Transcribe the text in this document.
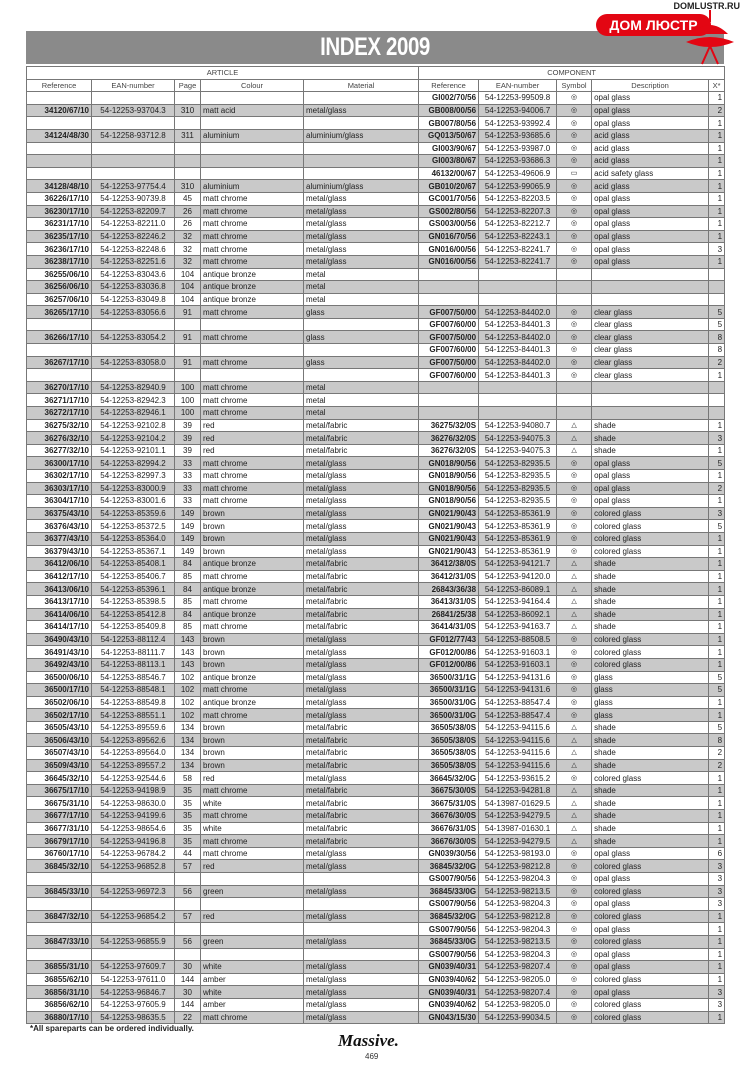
INDEX 2009
DOMLUSTR.RU
ДОМ ЛЮСТР
ARTICLE					COMPONENT				
Reference	EAN-number	Page	Colour	Material	Reference	EAN-number	Symbol	Description	X*
					GI002/70/56	54-12253-99509.8	◎	opal glass	1
34120/67/10	54-12253-93704.3	310	matt acid	metal/glass	GB008/00/56	54-12253-94006.7	◎	opal glass	2
					GB007/80/56	54-12253-93992.4	◎	opal glass	1
34124/48/30	54-12258-93712.8	311	aluminium	aluminium/glass	GQ013/50/67	54-12253-93685.6	◎	acid glass	1
					GI003/90/67	54-12253-93987.0	◎	acid glass	1
					GI003/80/67	54-12253-93686.3	◎	acid glass	1
					46132/00/67	54-12253-49606.9	▭	acid safety glass	1
34128/48/10	54-12253-97754.4	310	aluminium	aluminium/glass	GB010/20/67	54-12253-99065.9	◎	acid glass	1
36226/17/10	54-12253-90739.8	45	matt chrome	metal/glass	GC001/70/56	54-12253-82203.5	◎	opal glass	1
36230/17/10	54-12253-82209.7	26	matt chrome	metal/glass	GS002/80/56	54-12253-82207.3	◎	opal glass	1
36231/17/10	54-12253-82211.0	26	matt chrome	metal/glass	GS003/00/56	54-12253-82212.7	◎	opal glass	1
36235/17/10	54-12253-82246.2	32	matt chrome	metal/glass	GN016/70/56	54-12253-82243.1	◎	opal glass	1
36236/17/10	54-12253-82248.6	32	matt chrome	metal/glass	GN016/00/56	54-12253-82241.7	◎	opal glass	3
36238/17/10	54-12253-82251.6	32	matt chrome	metal/glass	GN016/00/56	54-12253-82241.7	◎	opal glass	1
36255/06/10	54-12253-83043.6	104	antique bronze	metal					
36256/06/10	54-12253-83036.8	104	antique bronze	metal					
36257/06/10	54-12253-83049.8	104	antique bronze	metal					
36265/17/10	54-12253-83056.6	91	matt chrome	glass	GF007/50/00	54-12253-84402.0	◎	clear glass	5
					GF007/60/00	54-12253-84401.3	◎	clear glass	5
36266/17/10	54-12253-83054.2	91	matt chrome	glass	GF007/50/00	54-12253-84402.0	◎	clear glass	8
					GF007/60/00	54-12253-84401.3	◎	clear glass	8
36267/17/10	54-12253-83058.0	91	matt chrome	glass	GF007/50/00	54-12253-84402.0	◎	clear glass	2
					GF007/60/00	54-12253-84401.3	◎	clear glass	1
36270/17/10	54-12253-82940.9	100	matt chrome	metal					
36271/17/10	54-12253-82942.3	100	matt chrome	metal					
36272/17/10	54-12253-82946.1	100	matt chrome	metal					
36275/32/10	54-12253-92102.8	39	red	metal/fabric	36275/32/0S	54-12253-94080.7	△	shade	1
36276/32/10	54-12253-92104.2	39	red	metal/fabric	36276/32/0S	54-12253-94075.3	△	shade	3
36277/32/10	54-12253-92101.1	39	red	metal/fabric	36276/32/0S	54-12253-94075.3	△	shade	1
36300/17/10	54-12253-82994.2	33	matt chrome	metal/glass	GN018/90/56	54-12253-82935.5	◎	opal glass	5
36302/17/10	54-12253-82997.3	33	matt chrome	metal/glass	GN018/90/56	54-12253-82935.5	◎	opal glass	1
36303/17/10	54-12253-83000.9	33	matt chrome	metal/glass	GN018/90/56	54-12253-82935.5	◎	opal glass	2
36304/17/10	54-12253-83001.6	33	matt chrome	metal/glass	GN018/90/56	54-12253-82935.5	◎	opal glass	1
36375/43/10	54-12253-85359.6	149	brown	metal/glass	GN021/90/43	54-12253-85361.9	◎	colored glass	3
36376/43/10	54-12253-85372.5	149	brown	metal/glass	GN021/90/43	54-12253-85361.9	◎	colored glass	5
36377/43/10	54-12253-85364.0	149	brown	metal/glass	GN021/90/43	54-12253-85361.9	◎	colored glass	1
36379/43/10	54-12253-85367.1	149	brown	metal/glass	GN021/90/43	54-12253-85361.9	◎	colored glass	1
36412/06/10	54-12253-85408.1	84	antique bronze	metal/fabric	36412/38/0S	54-12253-94121.7	△	shade	1
36412/17/10	54-12253-85406.7	85	matt chrome	metal/fabric	36412/31/0S	54-12253-94120.0	△	shade	1
36413/06/10	54-12253-85396.1	84	antique bronze	metal/fabric	26843/36/38	54-12253-86089.1	△	shade	1
36413/17/10	54-12253-85398.5	85	matt chrome	metal/fabric	36413/31/0S	54-12253-94164.4	△	shade	1
36414/06/10	54-12253-85412.8	84	antique bronze	metal/fabric	26841/25/38	54-12253-86092.1	△	shade	1
36414/17/10	54-12253-85409.8	85	matt chrome	metal/fabric	36414/31/0S	54-12253-94163.7	△	shade	1
36490/43/10	54-12253-88112.4	143	brown	metal/glass	GF012/77/43	54-12253-88508.5	◎	colored glass	1
36491/43/10	54-12253-88111.7	143	brown	metal/glass	GF012/00/86	54-12253-91603.1	◎	colored glass	1
36492/43/10	54-12253-88113.1	143	brown	metal/glass	GF012/00/86	54-12253-91603.1	◎	colored glass	1
36500/06/10	54-12253-88546.7	102	antique bronze	metal/glass	36500/31/1G	54-12253-94131.6	◎	glass	5
36500/17/10	54-12253-88548.1	102	matt chrome	metal/glass	36500/31/1G	54-12253-94131.6	◎	glass	5
36502/06/10	54-12253-88549.8	102	antique bronze	metal/glass	36500/31/0G	54-12253-88547.4	◎	glass	1
36502/17/10	54-12253-88551.1	102	matt chrome	metal/glass	36500/31/0G	54-12253-88547.4	◎	glass	1
36505/43/10	54-12253-89559.6	134	brown	metal/fabric	36505/38/0S	54-12253-94115.6	△	shade	5
36506/43/10	54-12253-89562.6	134	brown	metal/fabric	36505/38/0S	54-12253-94115.6	△	shade	8
36507/43/10	54-12253-89564.0	134	brown	metal/fabric	36505/38/0S	54-12253-94115.6	△	shade	2
36509/43/10	54-12253-89557.2	134	brown	metal/fabric	36505/38/0S	54-12253-94115.6	△	shade	2
36645/32/10	54-12253-92544.6	58	red	metal/glass	36645/32/0G	54-12253-93615.2	◎	colored glass	1
36675/17/10	54-12253-94198.9	35	matt chrome	metal/fabric	36675/30/0S	54-12253-94281.8	△	shade	1
36675/31/10	54-12253-98630.0	35	white	metal/fabric	36675/31/0S	54-13987-01629.5	△	shade	1
36677/17/10	54-12253-94199.6	35	matt chrome	metal/fabric	36676/30/0S	54-12253-94279.5	△	shade	1
36677/31/10	54-12253-98654.6	35	white	metal/fabric	36676/31/0S	54-13987-01630.1	△	shade	1
36679/17/10	54-12253-94196.8	35	matt chrome	metal/fabric	36676/30/0S	54-12253-94279.5	△	shade	1
36760/17/10	54-12253-96784.2	44	matt chrome	metal/glass	GN039/30/56	54-12253-98193.0	◎	opal glass	6
36845/32/10	54-12253-96852.8	57	red	metal/glass	36845/32/0G	54-12253-98212.8	◎	colored glass	3
					GS007/90/56	54-12253-98204.3	◎	opal glass	3
36845/33/10	54-12253-96972.3	56	green	metal/glass	36845/33/0G	54-12253-98213.5	◎	colored glass	3
					GS007/90/56	54-12253-98204.3	◎	opal glass	3
36847/32/10	54-12253-96854.2	57	red	metal/glass	36845/32/0G	54-12253-98212.8	◎	colored glass	1
					GS007/90/56	54-12253-98204.3	◎	opal glass	1
36847/33/10	54-12253-96855.9	56	green	metal/glass	36845/33/0G	54-12253-98213.5	◎	colored glass	1
					GS007/90/56	54-12253-98204.3	◎	opal glass	1
36855/31/10	54-12253-97609.7	30	white	metal/glass	GN039/40/31	54-12253-98207.4	◎	opal glass	1
36855/62/10	54-12253-97611.0	144	amber	metal/glass	GN039/40/62	54-12253-98205.0	◎	colored glass	1
36856/31/10	54-12253-96846.7	30	white	metal/glass	GN039/40/31	54-12253-98207.4	◎	opal glass	3
36856/62/10	54-12253-97605.9	144	amber	metal/glass	GN039/40/62	54-12253-98205.0	◎	colored glass	3
36880/17/10	54-12253-98635.5	22	matt chrome	metal/glass	GN043/15/30	54-12253-99034.5	◎	colored glass	1
*All spareparts can be ordered individually.
Massive.
469
